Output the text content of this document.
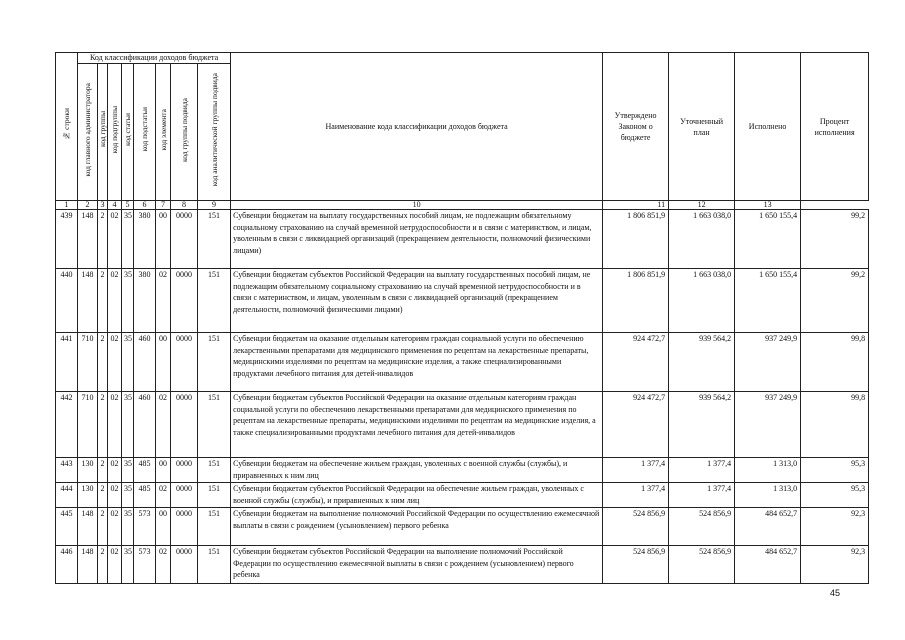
№ строки	Код классификации доходов бюджета								Наименование кода классификации доходов бюджета	Утверждено Законом о бюджете	Уточненный план	Исполнено	Процент исполнения
	код главного администратора	код группы	код подгруппы	код статьи	код подстатьи	код элемента	код группы подвида	код аналитической группы подвида					
1	2	3	4	5	6	7	8	9	10	11	12	13	
439	148	2	02	35	380	00	0000	151	Субвенции бюджетам на выплату государственных пособий лицам, не подлежащим обязательному социальному страхованию на случай временной нетрудоспособности и в связи с материнством, и лицам, уволенным в связи с ликвидацией организаций (прекращением деятельности, полномочий физическими лицами)	1 806 851,9	1 663 038,0	1 650 155,4	99,2
440	148	2	02	35	380	02	0000	151	Субвенции бюджетам субъектов Российской Федерации на выплату государственных пособий лицам, не подлежащим обязательному социальному страхованию на случай временной нетрудоспособности и в связи с материнством, и лицам, уволенным в связи с ликвидацией организаций (прекращением деятельности, полномочий физическими лицами)	1 806 851,9	1 663 038,0	1 650 155,4	99,2
441	710	2	02	35	460	00	0000	151	Субвенции бюджетам на оказание отдельным категориям граждан социальной услуги по обеспечению лекарственными препаратами для медицинского применения по рецептам на лекарственные препараты, медицинскими изделиями по рецептам на медицинские изделия, а также специализированными продуктами лечебного питания для детей-инвалидов	924 472,7	939 564,2	937 249,9	99,8
442	710	2	02	35	460	02	0000	151	Субвенции бюджетам субъектов Российской Федерации на оказание отдельным категориям граждан социальной услуги по обеспечению лекарственными препаратами для медицинского применения по рецептам на лекарственные препараты, медицинскими изделиями по рецептам на медицинские изделия, а также специализированными продуктами лечебного питания для детей-инвалидов	924 472,7	939 564,2	937 249,9	99,8
443	130	2	02	35	485	00	0000	151	Субвенции бюджетам на обеспечение жильем граждан, уволенных с военной службы (службы), и приравненных к ним лиц	1 377,4	1 377,4	1 313,0	95,3
444	130	2	02	35	485	02	0000	151	Субвенции бюджетам субъектов Российской Федерации на обеспечение жильем граждан, уволенных с военной службы (службы), и приравненных к ним лиц	1 377,4	1 377,4	1 313,0	95,3
445	148	2	02	35	573	00	0000	151	Субвенции бюджетам на выполнение полномочий Российской Федерации по осуществлению ежемесячной выплаты в связи с рождением (усыновлением) первого ребенка	524 856,9	524 856,9	484 652,7	92,3
446	148	2	02	35	573	02	0000	151	Субвенции бюджетам субъектов Российской Федерации на выполнение полномочий Российской Федерации по осуществлению ежемесячной выплаты в связи с рождением (усыновлением) первого ребенка	524 856,9	524 856,9	484 652,7	92,3
45
